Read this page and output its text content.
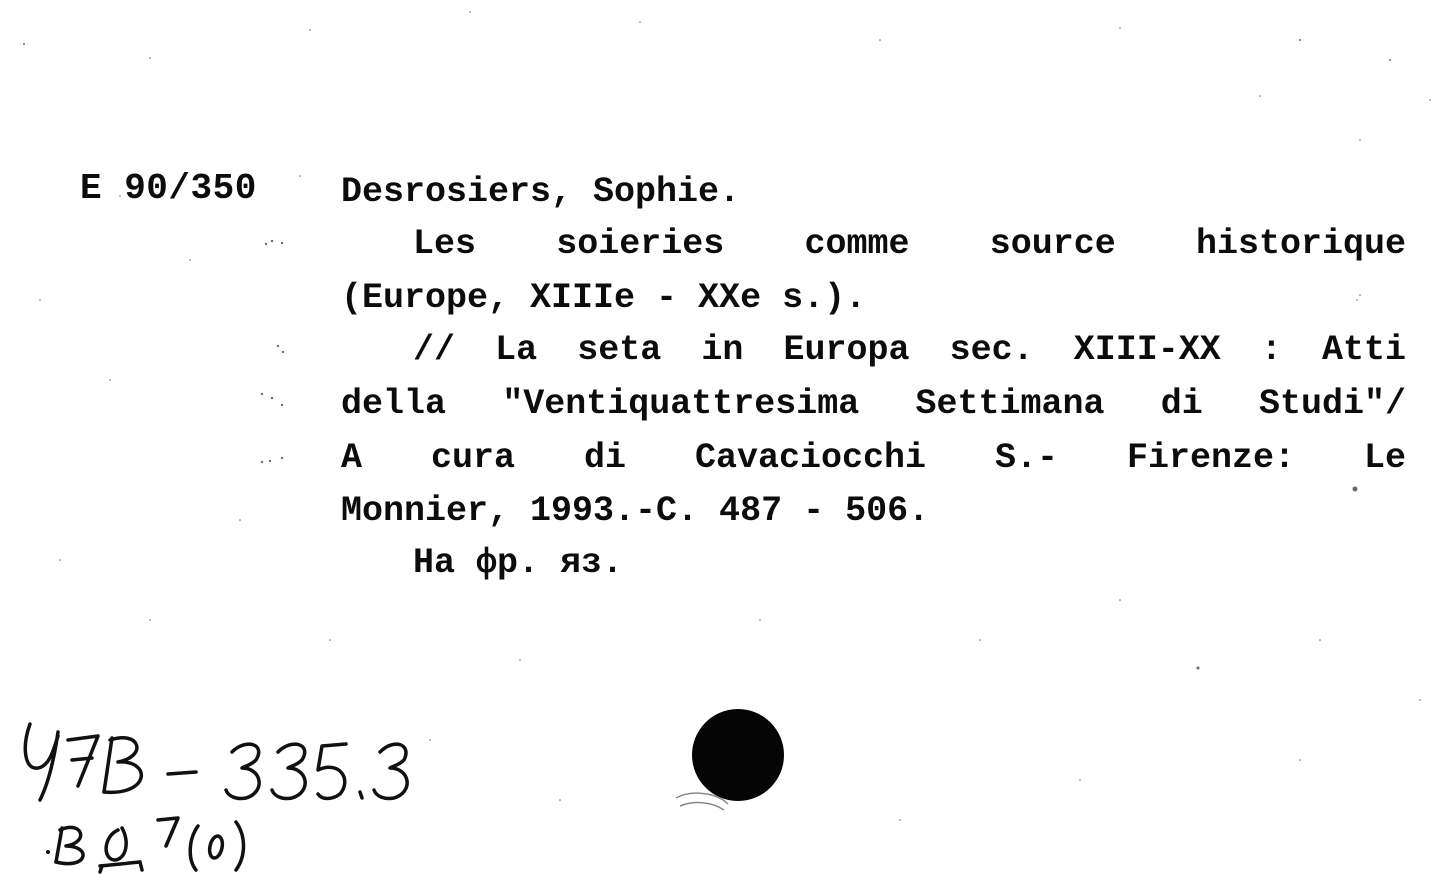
E 90/350 Desrosiers, Sophie.
Les soieries comme source historique
(Europe, XIIIe - XXe s.).
// La seta in Europa sec. XIII-XX : Atti
della "Ventiquattresima Settimana di Studi"/
A cura di Cavaciocchi S.- Firenze: Le
Monnier, 1993.-C. 487 - 506.
На фр. яз.
